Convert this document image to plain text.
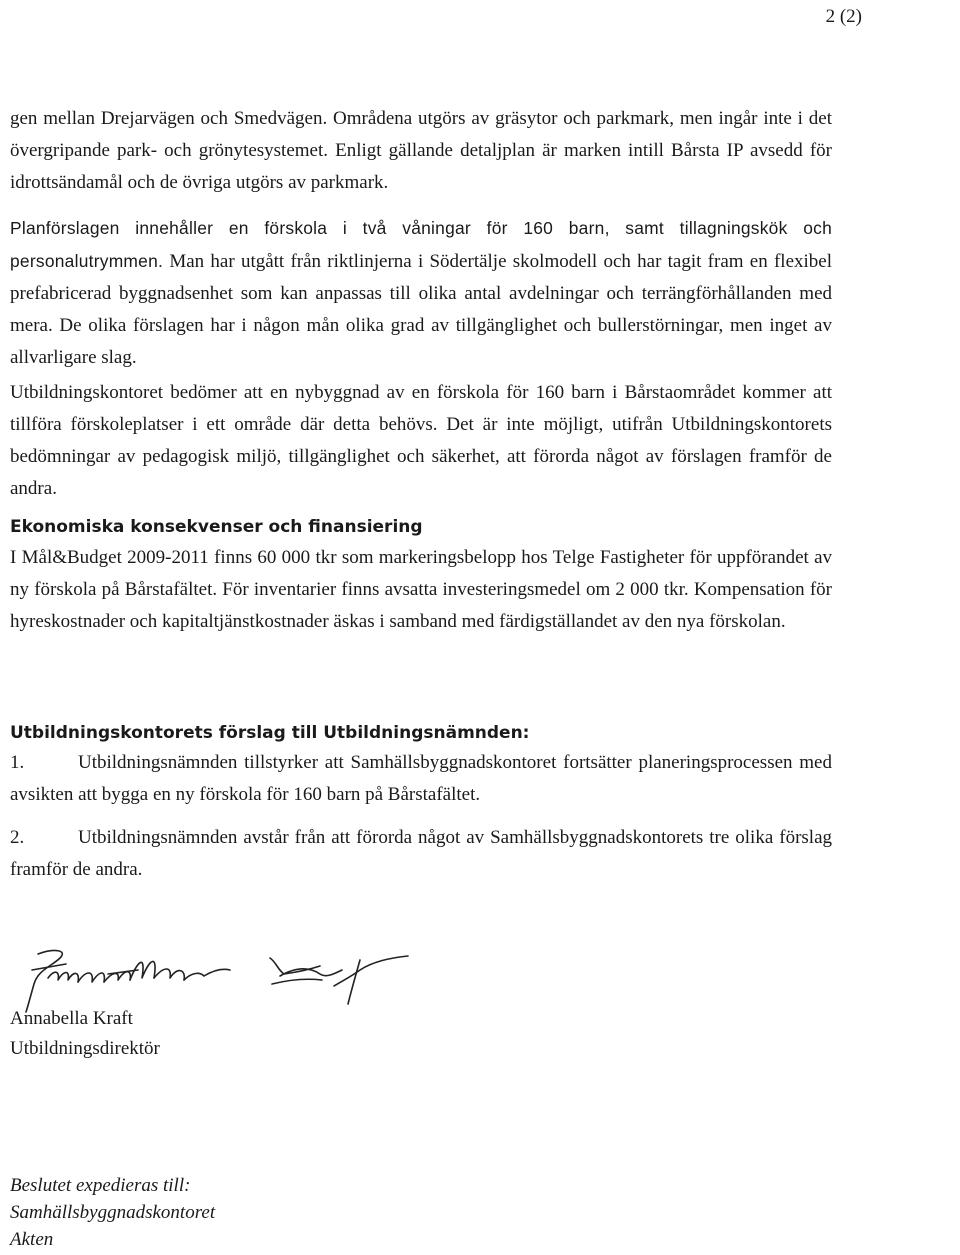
2 (2)

gen mellan Drejarvägen och Smedvägen. Områdena utgörs av gräsytor och parkmark, men ingår inte i det övergripande park- och grönytesystemet. Enligt gällande detaljplan är marken intill Bårsta IP avsedd för idrottsändamål och de övriga utgörs av parkmark.

Planförslagen innehåller en förskola i två våningar för 160 barn, samt tillagningskök och personalutrymmen. Man har utgått från riktlinjerna i Södertälje skolmodell och har tagit fram en flexibel prefabricerad byggnadsenhet som kan anpassas till olika antal avdelningar och terrängförhållanden med mera. De olika förslagen har i någon mån olika grad av tillgänglighet och bullerstörningar, men inget av allvarligare slag.

Utbildningskontoret bedömer att en nybyggnad av en förskola för 160 barn i Bårstaområdet kommer att tillföra förskoleplatser i ett område där detta behövs. Det är inte möjligt, utifrån Utbildningskontorets bedömningar av pedagogisk miljö, tillgänglighet och säkerhet, att förorda något av förslagen framför de andra.

Ekonomiska konsekvenser och finansiering

I Mål&Budget 2009-2011 finns 60 000 tkr som markeringsbelopp hos Telge Fastigheter för uppförandet av ny förskola på Bårstafältet. För inventarier finns avsatta investeringsmedel om 2 000 tkr. Kompensation för hyreskostnader och kapitaltjänstkostnader äskas i samband med färdigställandet av den nya förskolan.

Utbildningskontorets förslag till Utbildningsnämnden:

1.	Utbildningsnämnden tillstyrker att Samhällsbyggnadskontoret fortsätter planeringsprocessen med avsikten att bygga en ny förskola för 160 barn på Bårstafältet.

2.	Utbildningsnämnden avstår från att förorda något av Samhällsbyggnadskontorets tre olika förslag framför de andra.

Annabella Kraft
Utbildningsdirektör
Beslutet expedieras till:
Samhällsbyggnadskontoret
Akten
